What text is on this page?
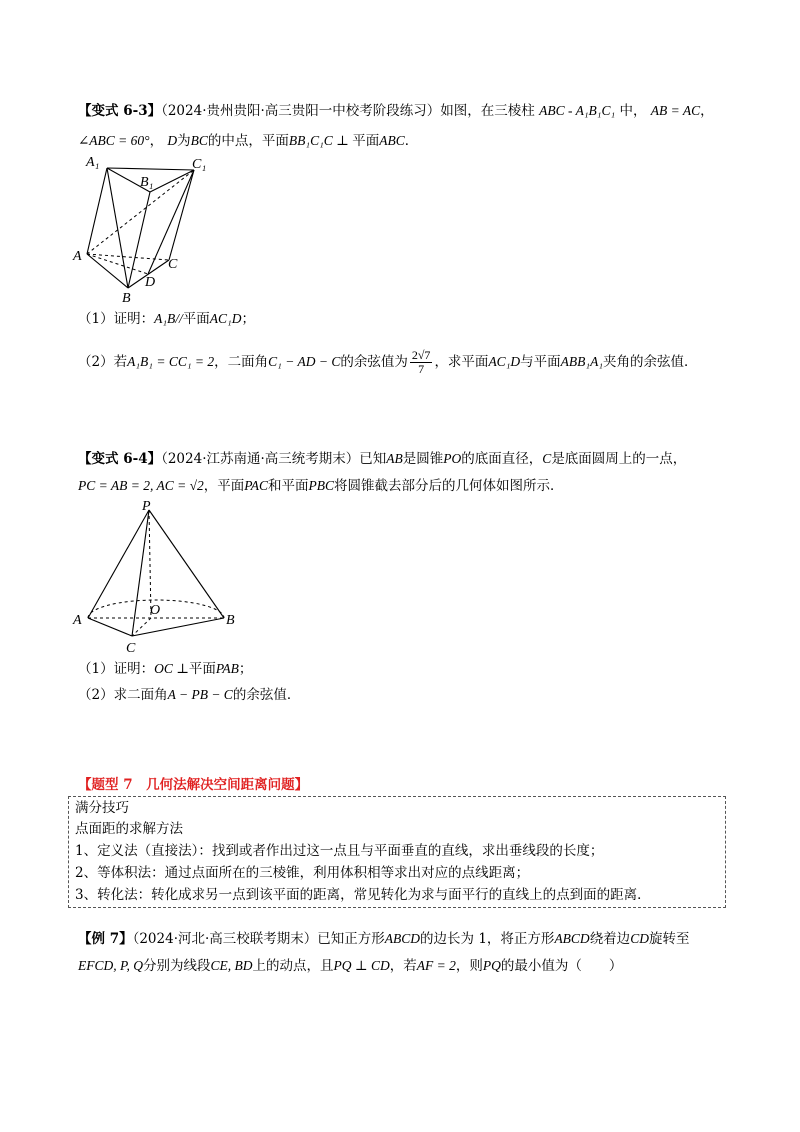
【变式 6-3】（2024·贵州贵阳·高三贵阳一中校考阶段练习）如图，在三棱柱 ABC - A₁B₁C₁ 中， AB = AC，
∠ABC = 60°， D为BC的中点，平面BB₁C₁C ⊥ 平面ABC．
A₁	C₁
B₁
A
C
D
B
（1）证明：A₁B//平面AC₁D；
（2）若A₁B₁ = CC₁ = 2，二面角C₁ − AD − C的余弦值为 $\frac{2√7}{7}$ ，求平面AC₁D与平面ABB₁A₁夹角的余弦值．
【变式 6-4】（2024·江苏南通·高三统考期末）已知AB是圆锥PO的底面直径，C是底面圆周上的一点，
PC = AB = 2, AC = √2，平面PAC和平面PBC将圆锥截去部分后的几何体如图所示．
P
O
A	B
C
（1）证明：OC ⊥平面PAB；
（2）求二面角A − PB − C的余弦值．
【题型 7　几何法解决空间距离问题】
满分技巧
点面距的求解方法
1、定义法（直接法）：找到或者作出过这一点且与平面垂直的直线，求出垂线段的长度；
2、等体积法：通过点面所在的三棱锥，利用体积相等求出对应的点线距离；
3、转化法：转化成求另一点到该平面的距离，常见转化为求与面平行的直线上的点到面的距离．
【例 7】（2024·河北·高三校联考期末）已知正方形ABCD的边长为 1，将正方形ABCD绕着边CD旋转至
EFCD, P, Q分别为线段CE, BD上的动点，且PQ ⊥ CD，若AF = 2，则PQ的最小值为（　　）
